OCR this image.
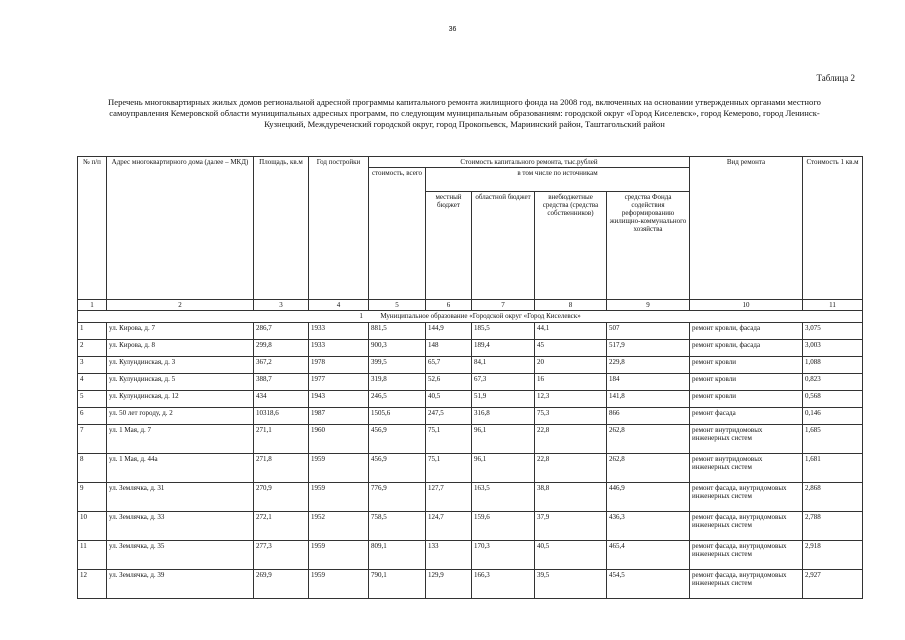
36
Таблица 2
Перечень многоквартирных жилых домов региональной адресной программы капитального ремонта жилищного фонда на 2008 год, включенных на основании утвержденных органами местного самоуправления Кемеровской области муниципальных адресных программ, по следующим муниципальным образованиям: городской округ «Город Киселевск», город Кемерово, город Ленинск-Кузнецкий, Междуреченский городской округ, город Прокопьевск, Мариинский район, Таштагольский район
№ п/п	Адрес многоквартирного дома (далее – МКД)	Площадь, кв.м	Год постройки	Стоимость капитального ремонта, тыс.рублей					Вид ремонта	Стоимость 1 кв.м
				стоимость, всего	в том числе по источникам					
					местный бюджет	областной бюджет	внебюджетные средства (средства собственников)	средства Фонда содействия реформированию жилищно-коммунального хозяйства		
1	2	3	4	5	6	7	8	9	10	11
1 Муниципальное образование «Городской округ «Город Киселевск»										
1	ул. Кирова, д. 7	286,7	1933	881,5	144,9	185,5	44,1	507	ремонт кровли, фасада	3,075
2	ул. Кирова, д. 8	299,8	1933	900,3	148	189,4	45	517,9	ремонт кровли, фасада	3,003
3	ул. Кулундинская, д. 3	367,2	1978	399,5	65,7	84,1	20	229,8	ремонт кровли	1,088
4	ул. Кулундинская, д. 5	388,7	1977	319,8	52,6	67,3	16	184	ремонт кровли	0,823
5	ул. Кулундинская, д. 12	434	1943	246,5	40,5	51,9	12,3	141,8	ремонт кровли	0,568
6	ул. 50 лет городу, д. 2	10318,6	1987	1505,6	247,5	316,8	75,3	866	ремонт фасада	0,146
7	ул. 1 Мая, д. 7	271,1	1960	456,9	75,1	96,1	22,8	262,8	ремонт внутридомовых инженерных систем	1,685
8	ул. 1 Мая, д. 44а	271,8	1959	456,9	75,1	96,1	22,8	262,8	ремонт внутридомовых инженерных систем	1,681
9	ул. Землячка, д. 31	270,9	1959	776,9	127,7	163,5	38,8	446,9	ремонт фасада, внутридомовых инженерных систем	2,868
10	ул. Землячка, д. 33	272,1	1952	758,5	124,7	159,6	37,9	436,3	ремонт фасада, внутридомовых инженерных систем	2,788
11	ул. Землячка, д. 35	277,3	1959	809,1	133	170,3	40,5	465,4	ремонт фасада, внутридомовых инженерных систем	2,918
12	ул. Землячка, д. 39	269,9	1959	790,1	129,9	166,3	39,5	454,5	ремонт фасада, внутридомовых инженерных систем	2,927
